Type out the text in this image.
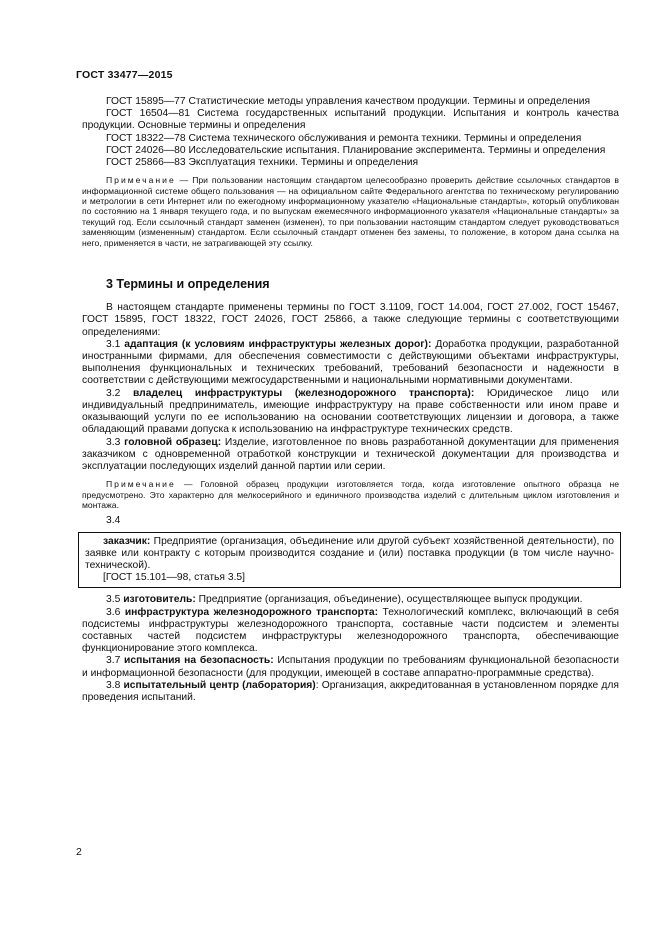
ГОСТ 33477—2015

ГОСТ 15895—77 Статистические методы управления качеством продукции. Термины и определения

ГОСТ 16504—81 Система государственных испытаний продукции. Испытания и контроль качества продукции. Основные термины и определения

ГОСТ 18322—78 Система технического обслуживания и ремонта техники. Термины и определения

ГОСТ 24026—80 Исследовательские испытания. Планирование эксперимента. Термины и определения

ГОСТ 25866—83 Эксплуатация техники. Термины и определения

Примечание — При пользовании настоящим стандартом целесообразно проверить действие ссылочных стандартов в информационной системе общего пользования — на официальном сайте Федерального агентства по техническому регулированию и метрологии в сети Интернет или по ежегодному информационному указателю «Национальные стандарты», который опубликован по состоянию на 1 января текущего года, и по выпускам ежемесячного информационного указателя «Национальные стандарты» за текущий год. Если ссылочный стандарт заменен (изменен), то при пользовании настоящим стандартом следует руководствоваться заменяющим (измененным) стандартом. Если ссылочный стандарт отменен без замены, то положение, в котором дана ссылка на него, применяется в части, не затрагивающей эту ссылку.

3 Термины и определения

В настоящем стандарте применены термины по ГОСТ 3.1109, ГОСТ 14.004, ГОСТ 27.002, ГОСТ 15467, ГОСТ 15895, ГОСТ 18322, ГОСТ 24026, ГОСТ 25866, а также следующие термины с соответствующими определениями:

3.1 адаптация (к условиям инфраструктуры железных дорог): Доработка продукции, разработанной иностранными фирмами, для обеспечения совместимости с действующими объектами инфраструктуры, выполнения функциональных и технических требований, требований безопасности и надежности в соответствии с действующими межгосударственными и национальными нормативными документами.

3.2 владелец инфраструктуры (железнодорожного транспорта): Юридическое лицо или индивидуальный предприниматель, имеющие инфраструктуру на праве собственности или ином праве и оказывающий услуги по ее использованию на основании соответствующих лицензии и договора, а также обладающий правами допуска к использованию на инфраструктуре технических средств.

3.3 головной образец: Изделие, изготовленное по вновь разработанной документации для применения заказчиком с одновременной отработкой конструкции и технической документации для производства и эксплуатации последующих изделий данной партии или серии.

Примечание — Головной образец продукции изготовляется тогда, когда изготовление опытного образца не предусмотрено. Это характерно для мелкосерийного и единичного производства изделий с длительным циклом изготовления и монтажа.

3.4

заказчик: Предприятие (организация, объединение или другой субъект хозяйственной деятельности), по заявке или контракту с которым производится создание и (или) поставка продукции (в том числе научно-технической).

[ГОСТ 15.101—98, статья 3.5]

3.5 изготовитель: Предприятие (организация, объединение), осуществляющее выпуск продукции.

3.6 инфраструктура железнодорожного транспорта: Технологический комплекс, включающий в себя подсистемы инфраструктуры железнодорожного транспорта, составные части подсистем и элементы составных частей подсистем инфраструктуры железнодорожного транспорта, обеспечивающие функционирование этого комплекса.

3.7 испытания на безопасность: Испытания продукции по требованиям функциональной безопасности и информационной безопасности (для продукции, имеющей в составе аппаратно-программные средства).

3.8 испытательный центр (лаборатория): Организация, аккредитованная в установленном порядке для проведения испытаний.

2
